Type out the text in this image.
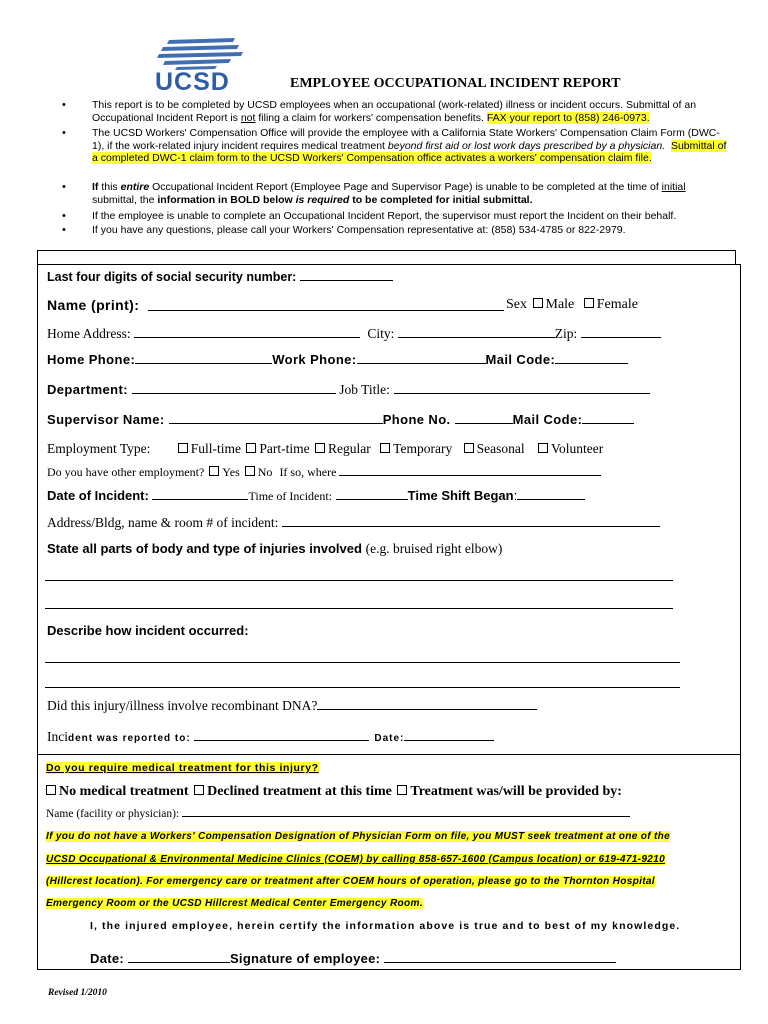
UCSD	EMPLOYEE OCCUPATIONAL INCIDENT REPORT
• This report is to be completed by UCSD employees when an occupational (work-related) illness or incident occurs. Submittal of an Occupational Incident Report is not filing a claim for workers' compensation benefits. FAX your report to (858) 246-0973.
• The UCSD Workers' Compensation Office will provide the employee with a California State Workers' Compensation Claim Form (DWC-1), if the work-related injury incident requires medical treatment beyond first aid or lost work days prescribed by a physician. Submittal of a completed DWC-1 claim form to the UCSD Workers' Compensation office activates a workers' compensation claim file.
• If this entire Occupational Incident Report (Employee Page and Supervisor Page) is unable to be completed at the time of initial submittal, the information in BOLD below is required to be completed for initial submittal.
• If the employee is unable to complete an Occupational Incident Report, the supervisor must report the Incident on their behalf.
• If you have any questions, please call your Workers' Compensation representative at: (858) 534-4785 or 822-2979.
Last four digits of social security number:
Name (print):	Sex Male Female
Home Address:	City:	Zip:
Home Phone:	Work Phone:	Mail Code:
Department:	Job Title:
Supervisor Name:	Phone No.	Mail Code:
Employment Type:	Full-time Part-time Regular Temporary Seasonal Volunteer
Do you have other employment? Yes No If so, where
Date of Incident:	Time of Incident:	Time Shift Began:
Address/Bldg, name & room # of incident:
State all parts of body and type of injuries involved (e.g. bruised right elbow)
Describe how incident occurred:
Did this injury/illness involve recombinant DNA?
Incident was reported to:	Date:
Do you require medical treatment for this injury?
No medical treatment Declined treatment at this time Treatment was/will be provided by:
Name (facility or physician):
If you do not have a Workers' Compensation Designation of Physician Form on file, you MUST seek treatment at one of the
UCSD Occupational & Environmental Medicine Clinics (COEM) by calling 858-657-1600 (Campus location) or 619-471-9210
(Hillcrest location). For emergency care or treatment after COEM hours of operation, please go to the Thornton Hospital
Emergency Room or the UCSD Hillcrest Medical Center Emergency Room.
I, the injured employee, herein certify the information above is true and to best of my knowledge.
Date:	Signature of employee:
Revised 1/2010
